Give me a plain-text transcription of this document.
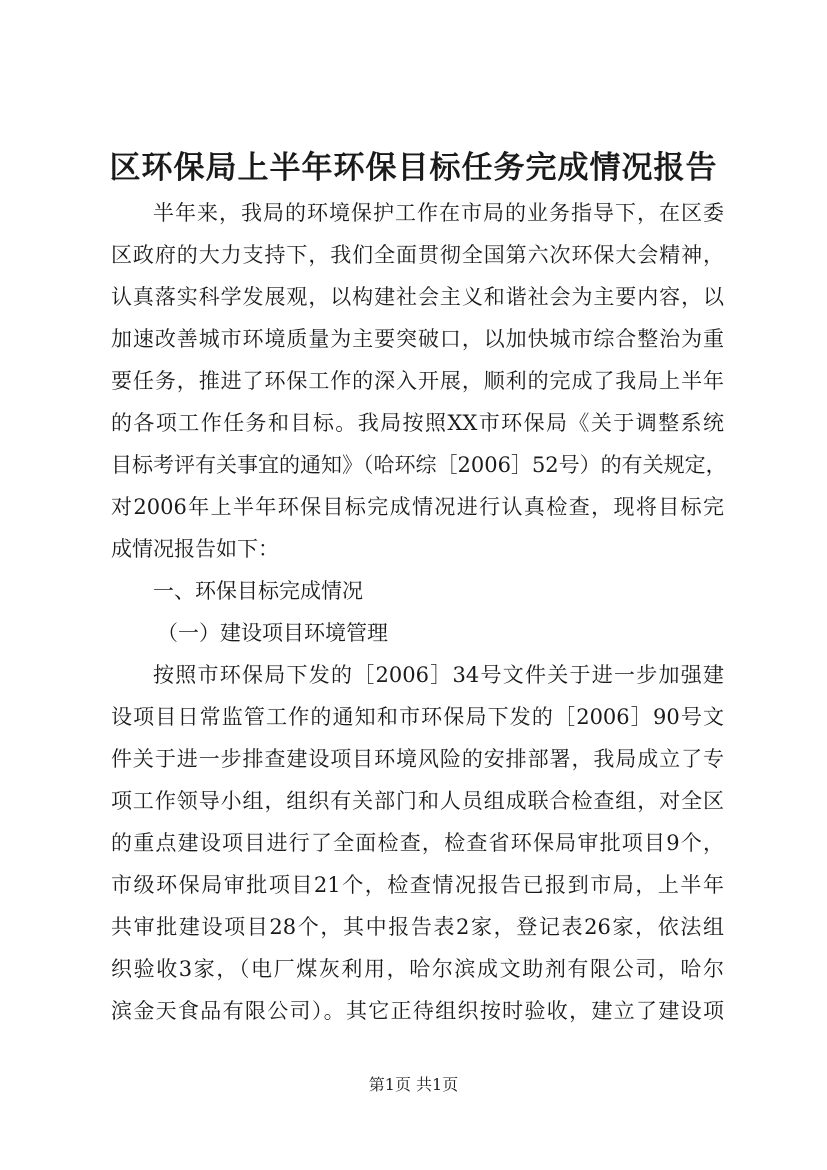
区环保局上半年环保目标任务完成情况报告
半年来，我局的环境保护工作在市局的业务指导下，在区委
区政府的大力支持下，我们全面贯彻全国第六次环保大会精神，
认真落实科学发展观，以构建社会主义和谐社会为主要内容，以
加速改善城市环境质量为主要突破口，以加快城市综合整治为重
要任务，推进了环保工作的深入开展，顺利的完成了我局上半年
的各项工作任务和目标。我局按照XX市环保局《关于调整系统
目标考评有关事宜的通知》（哈环综［2006］52号）的有关规定，
对2006年上半年环保目标完成情况进行认真检查，现将目标完
成情况报告如下：
一、环保目标完成情况
（一）建设项目环境管理
按照市环保局下发的［2006］34号文件关于进一步加强建
设项目日常监管工作的通知和市环保局下发的［2006］90号文
件关于进一步排查建设项目环境风险的安排部署，我局成立了专
项工作领导小组，组织有关部门和人员组成联合检查组，对全区
的重点建设项目进行了全面检查，检查省环保局审批项目9个，
市级环保局审批项目21个，检查情况报告已报到市局，上半年
共审批建设项目28个，其中报告表2家，登记表26家，依法组
织验收3家，（电厂煤灰利用，哈尔滨成文助剂有限公司，哈尔
滨金天食品有限公司）。其它正待组织按时验收，建立了建设项
第1页 共1页
